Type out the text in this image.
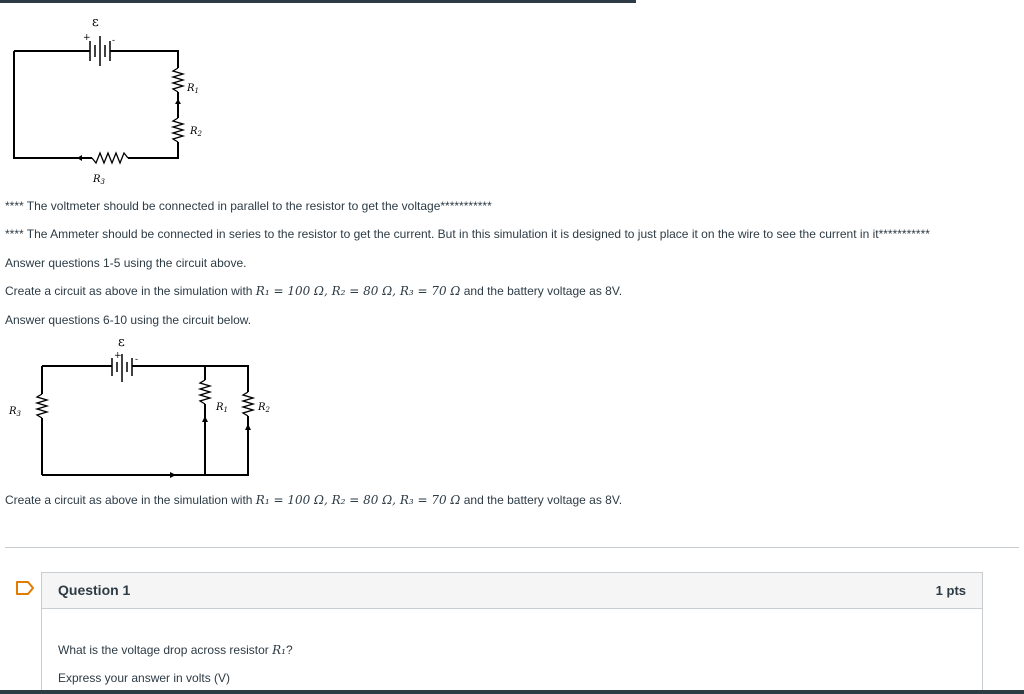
ε
+ -
$R_1$
$R_2$
$R_3$
**** The voltmeter should be connected in parallel to the resistor to get the voltage***********
**** The Ammeter should be connected in series to the resistor to get the current. But in this simulation it is designed to just place it on the wire to see the current in it***********
Answer questions 1-5 using the circuit above.
Create a circuit as above in the simulation with R₁ = 100 Ω, R₂ = 80 Ω, R₃ = 70 Ω and the battery voltage as 8V.
Answer questions 6-10 using the circuit below.
ε
+ -
$R_1$	$R_2$
$R_3$
Create a circuit as above in the simulation with R₁ = 100 Ω, R₂ = 80 Ω, R₃ = 70 Ω and the battery voltage as 8V.
Question 1	1 pts
What is the voltage drop across resistor R₁?
Express your answer in volts (V)
